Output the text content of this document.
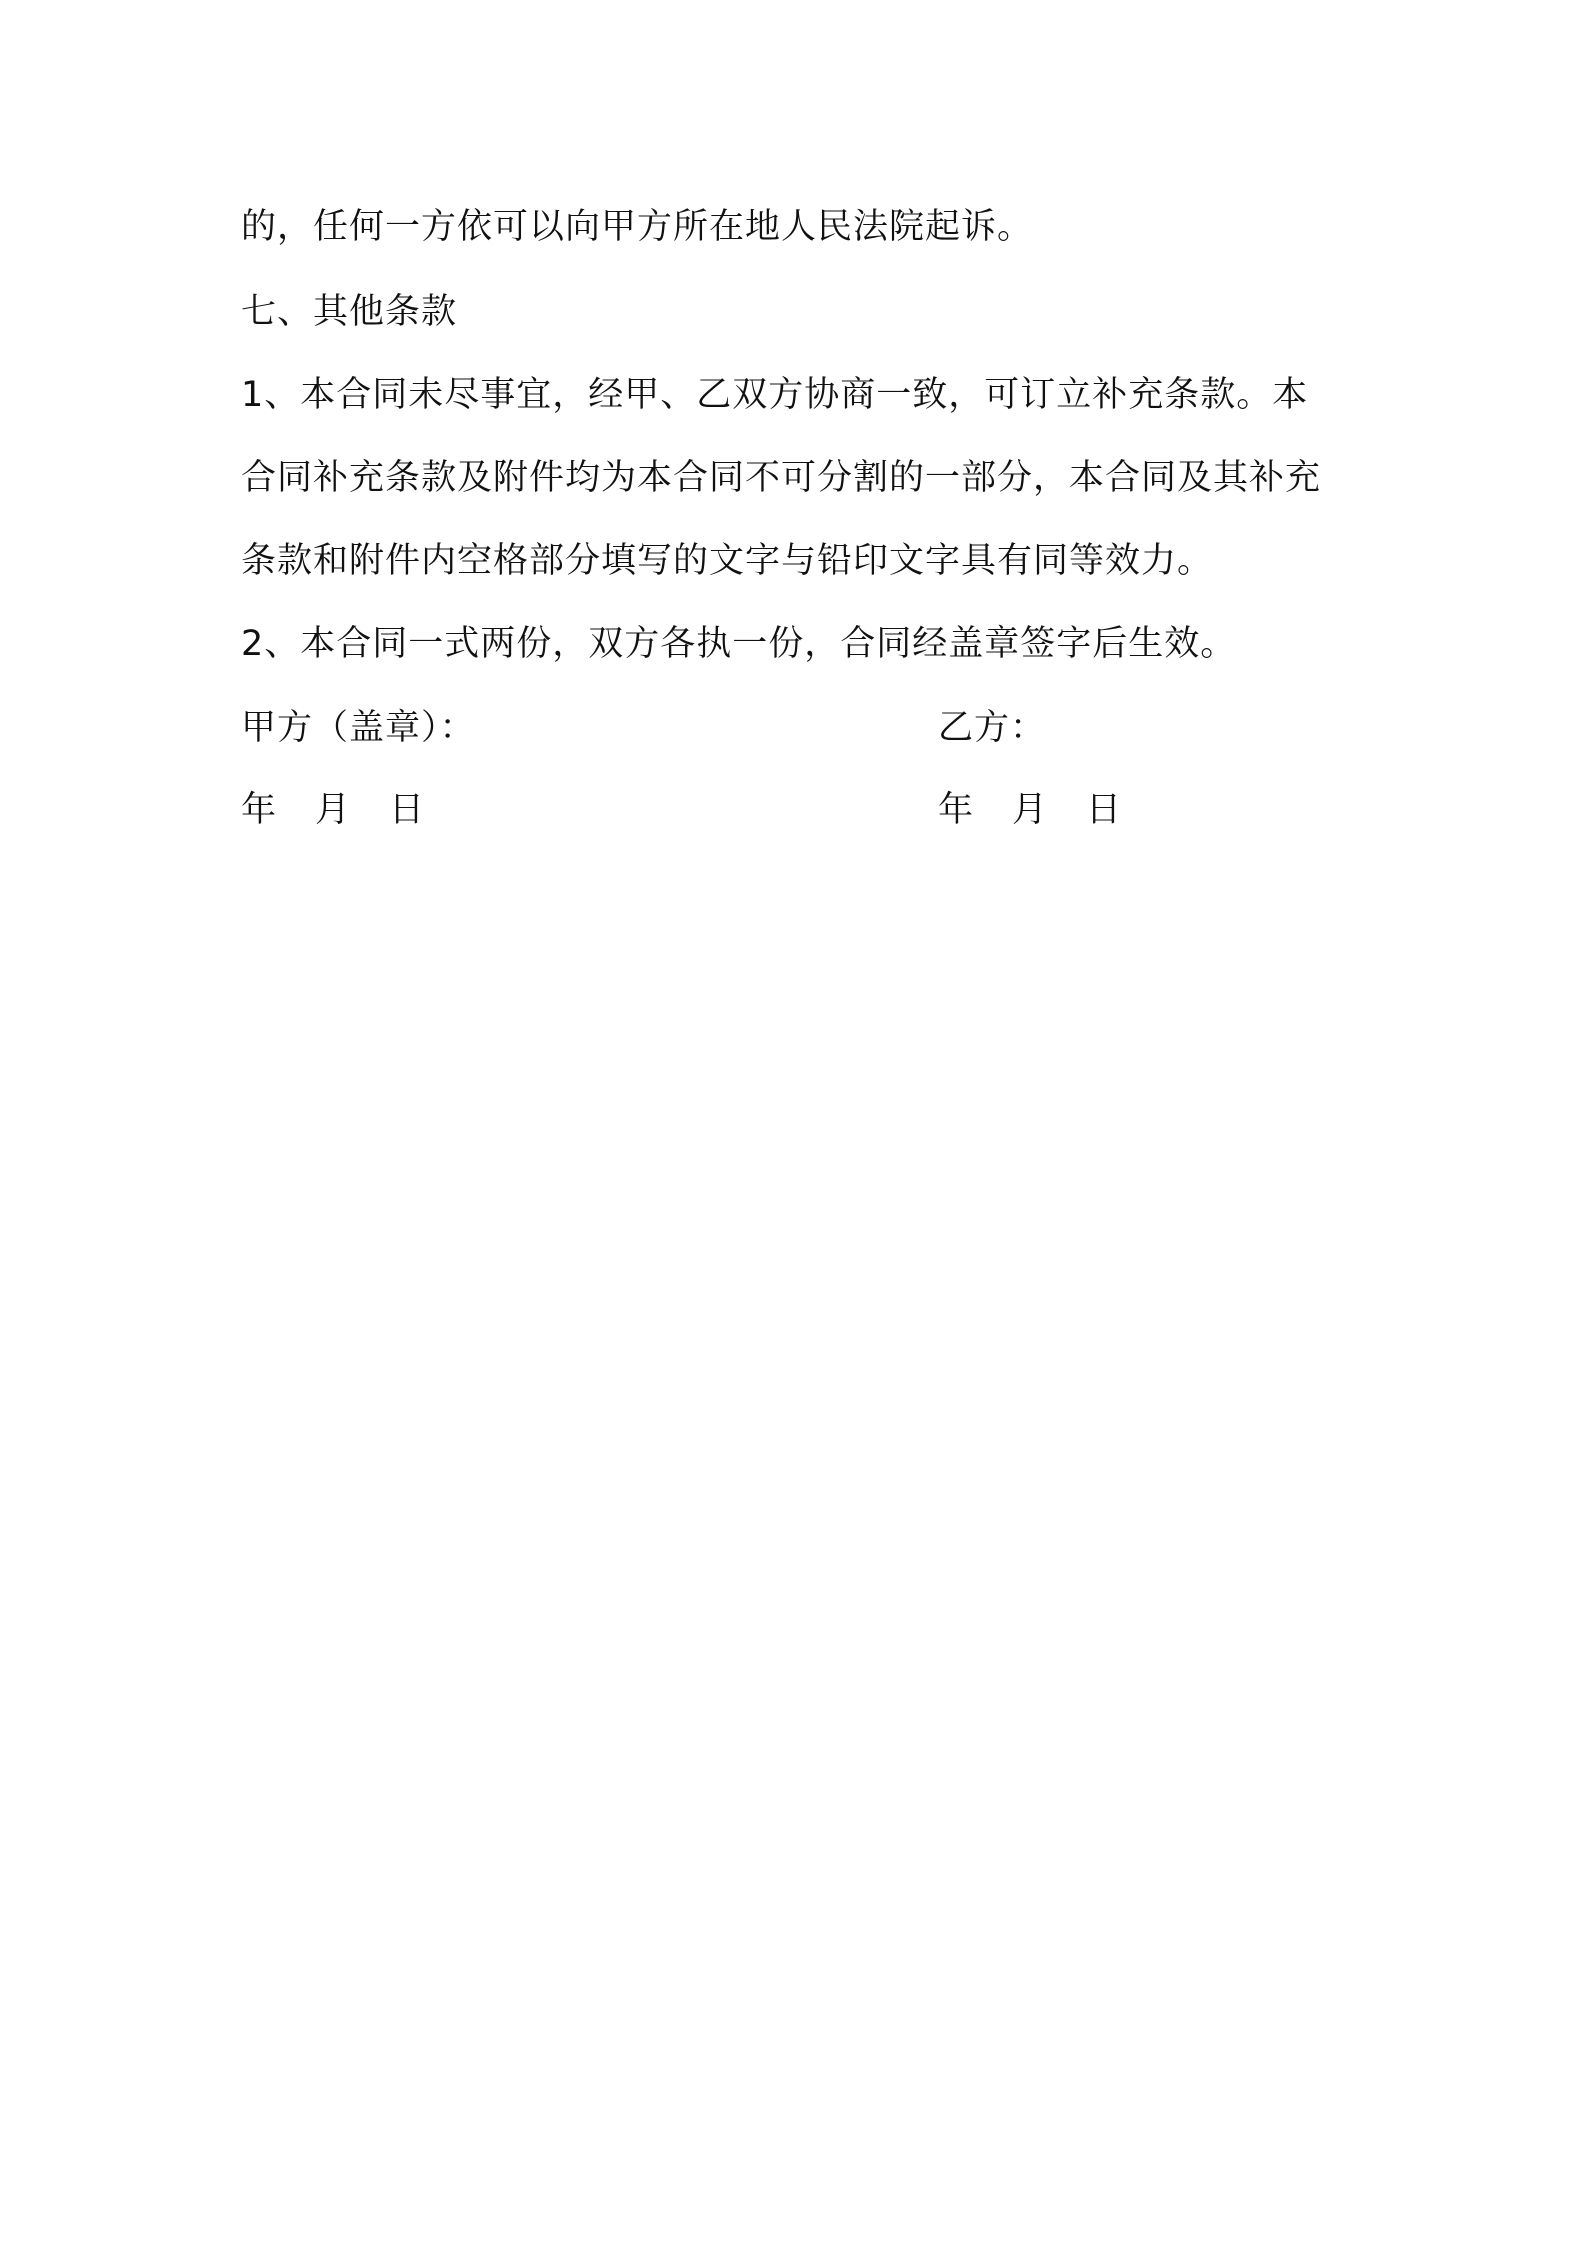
的，任何一方依可以向甲方所在地人民法院起诉。
七、其他条款
1、本合同未尽事宜，经甲、乙双方协商一致，可订立补充条款。本
合同补充条款及附件均为本合同不可分割的一部分，本合同及其补充
条款和附件内空格部分填写的文字与铅印文字具有同等效力。
2、本合同一式两份，双方各执一份，合同经盖章签字后生效。
甲方（盖章）：	乙方：
年 月 日	年 月 日
